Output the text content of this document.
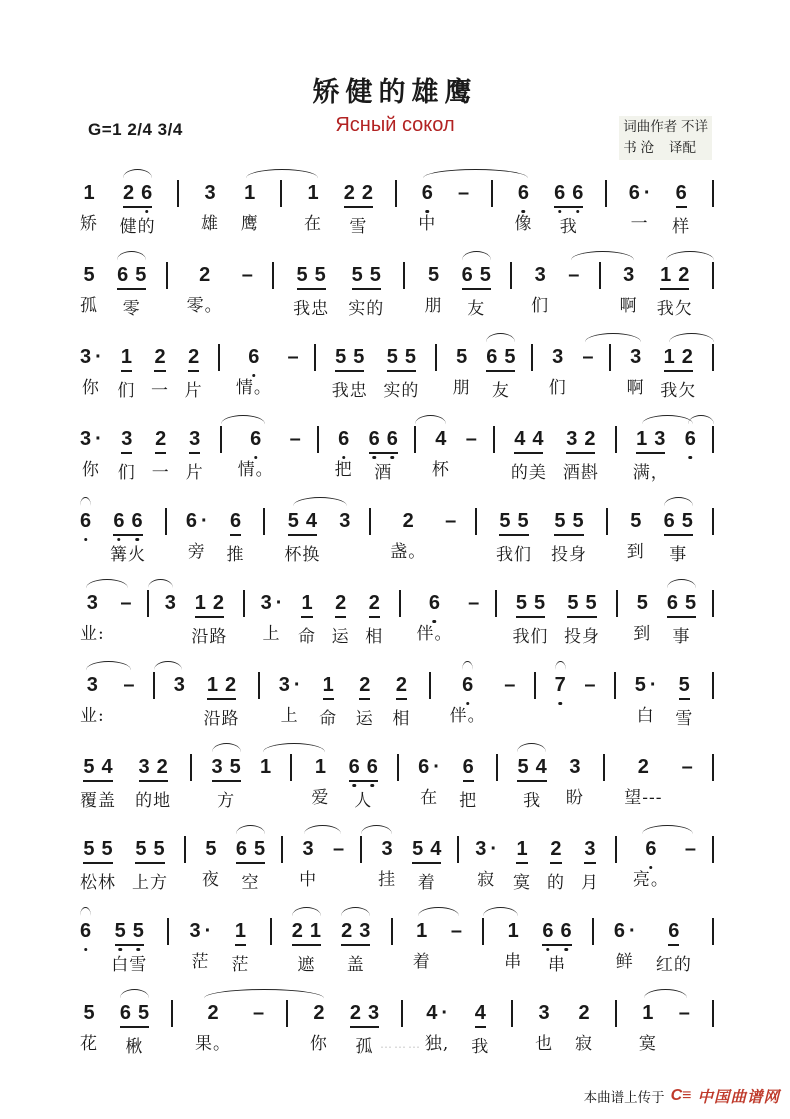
G=1 2/4 3/4
矫健的雄鹰
Ясный сокол	词曲作者 不详
书 沧    译配
1
矫
2 6
健的
3
雄
1
鹰
1
在
2 2
雪
6
中
– 6
像
6 6
我
6 ·
一
6
样
5
孤
6 5
零
2
零。
– 5 5
我忠
5 5
实的
5
朋
6 5
友
3
们
– 3
啊
1 2
我欠
3 ·
你
1
们
2
一
2
片
6
情。
– 5 5
我忠
5 5
实的
5
朋
6 5
友
3
们
– 3
啊
1 2
我欠
3 ·
你
3
们
2
一
3
片
6
情。
– 6
把
6 6
酒
4
杯
– 4 4
的美
3 2
酒斟
1 3
满，
6
6 6 6
篝火
6 ·
旁
6
推
5 4
杯换
3	2
盏。
– 5 5
我们
5 5
投身
5
到
6 5
事
3
业:
– 3 1 2
沿路
3 ·
上
1
命
2
运
2
相
6
伴。
– 5 5
我们
5 5
投身
5
到
6 5
事
3
业:
– 3 1 2
沿路
3 ·
上
1
命
2
运
2
相
6
伴。
– 7 – 5 ·
白
5
雪
5 4
覆盖
3 2
的地
3 5
方
1 1
爱
6 6
人
6 ·
在
6
把
5 4
我
3
盼
2
望---
–
5 5
松林
5 5
上方
5
夜
6 5
空
3
中
– 3
挂
5 4
着
3 ·
寂
1
寞
2
的
3
月
6
亮。
–
6 5 5
白雪
3 ·
茫
1
茫
2 1
遮
2 3
盖
1
着
– 1
串
6 6
串
6 ·
鲜
6
红的
5
花
6 5
楸
2
果。
– 2
你
2 3
孤
4 ·
独,
4
我
3
也
2
寂
1
寞
–
⋯⋯⋯
本曲谱上传于 C≡ 中国曲谱网
